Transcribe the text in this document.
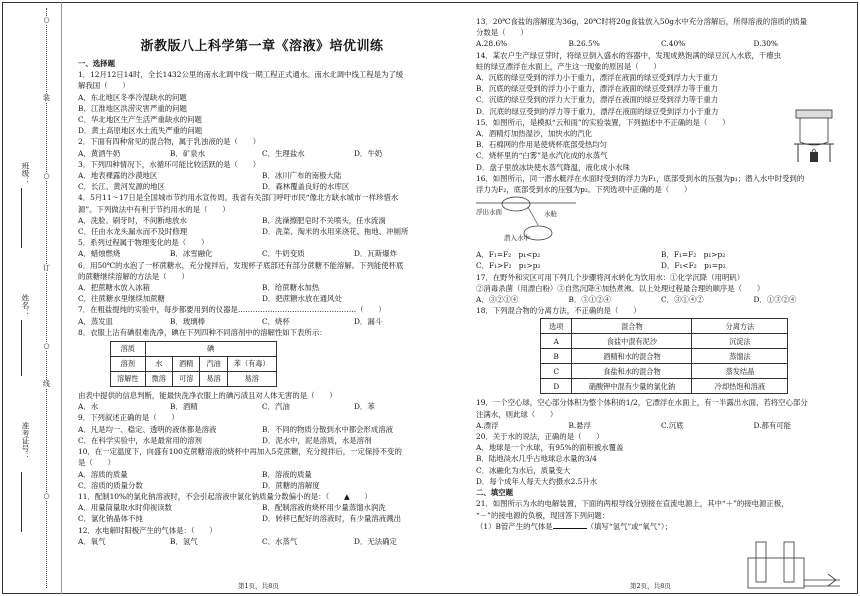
○
装
○
订
○
线
○
班级：
姓名：
准考证号：
浙教版八上科学第一章《溶液》培优训练

一、选择题

1．12月12日14时，全长1432公里的南水北调中线一期工程正式通水。南水北调中线工程是为了缓

解我国（　　）

A．东北地区冬季冷湿缺水的问题

B．江淮地区洪涝灾害严重的问题

C．华北地区生产生活严重缺水的问题

D．黄土高原地区水土流失严重的问题

2．下面有四种常见的混合物，属于乳浊液的是（　　）

A．黄酒牛奶	B．矿泉水	C．生理盐水	D．牛奶

3．下列四种情况下，水循环可能比较活跃的是（　　）

A．地表裸露的沙漠地区	B．冰川广布的南极大陆
C．长江、黄河发源的地区	D．森林覆盖良好的水库区

4．5月11～17日是全国城市节约用水宣传周。我省有关部门呼吁市民“像北方缺水城市一样珍惜水

源”。下列做法中有利于节约用水的是（　　）

A．洗脸、刷牙时，不间断地放水	B．洗澡擦肥皂时不关喷头，任水流淌
C．任由水龙头漏水而不及时修理	D．洗菜、淘米的水用来浇花、拖地、冲厕所

5．系列过程属于物理变化的是（　　）

A．蜡烛燃烧	B．冰雪融化	C．牛奶变质	D．瓦斯爆炸

6．用50℃的水泡了一杯蔗糖水，充分搅拌后，发现杯子底部还有部分蔗糖不能溶解。下列能使杯底

的蔗糖继续溶解的方法是（　　）

A．把蔗糖水放入冰箱	B．给蔗糖水加热
C．往蔗糖水里继续加蔗糖	D．把蔗糖水放在通风处

7．在粗盐提纯的实验中，每步都要用到的仪器是…………………………………………（　　）

A．蒸发皿	B．玻璃棒	C．烧杯	D．漏斗

8．衣服上沾有碘很难洗净，碘在下列四种不同溶剂中的溶解性如下表所示：

溶质	碘			
溶剂	水	酒精	汽油	苯（有毒）
溶解性	微溶	可溶	易溶	易溶

由表中提供的信息判断，能最快洗净衣服上的碘污渍且对人体无害的是（　　）

A．水	B．酒精	C．汽油	D．苯

9．下列叙述正确的是（　　）

A．凡是均一、稳定、透明的液体都是溶液	B．不同的物质分散到水中都会形成溶液
C．在科学实验中，水是最常用的溶剂	D．泥水中，泥是溶质，水是溶剂

10．在一定温度下，向盛有100克蔗糖溶液的烧杯中再加入5克蔗糖，充分搅拌后，一定保持不变的

是（　　）

A．溶质的质量	B．溶液的质量
C．溶质的质量分数	D．蔗糖的溶解度

11．配制10%的氯化钠溶液时，不会引起溶液中氯化钠质量分数偏小的是：（　　▲　　）

A．用量筒量取水时仰视读数	B．配制溶液的烧杯用少量蒸馏水润洗
C．氯化钠晶体不纯	D．转移已配好的溶液时，有少量溶液溅出

12．水电解时阳极产生的气体是：（　　）

A．氧气	B．氢气	C．水蒸气	D．无法确定
第1页，共8页

13．20℃食盐的溶解度为36g，20℃时将20g食盐放入50g水中充分溶解后，所得溶液的溶质的质量

分数是（　　）

A.28.6%	B.26.5%	C.40%	D.30%

14．某农户生产绿豆芽时，将绿豆倒入盛水的容器中，发现成熟饱满的绿豆沉入水底，干瘪虫

蛀的绿豆漂浮在水面上，产生这一现象的原因是（　　）

A．沉底的绿豆受到的浮力小于重力，漂浮在液面的绿豆受到浮力大于重力

B．沉底的绿豆受到的浮力小于重力，漂浮在液面的绿豆受到浮力等于重力

C．沉底的绿豆受到的浮力大于重力，漂浮在液面的绿豆受到浮力等于重力

D．沉底的绿豆受到的浮力等于重力，漂浮在液面的绿豆受到浮力小于重力

15．如图所示，是模拟“云和雨”的实验装置，下列描述中不正确的是（　　）

A．酒精灯加热湿沙，加快水的汽化

B．石棉网的作用是使烧杯底部受热均匀

C．烧杯里的“白雾”是水汽化成的水蒸气

D．盘子里放冰块使水蒸气降温，液化成小水珠

16．如图所示，同一潜水艇浮在水面时受到的浮力为F₁，底部受到水的压强为p₁；潜入水中时受到的

浮力为F₂，底部受到水的压强为p₂。下列选项中正确的是（　　）

浮出水面	水舱
潜入水中
A．F₁=F₂　p₁<p₂	B．F₁=F₂　p₁>p₂
C．F₁>F₂　p₁>p₂	D．F₁<F₂　p₁=p₂

17．在野外和灾区可用下列几个步骤将河水转化为饮用水：①化学沉降（用明矾）

②消毒杀菌（用漂白粉）③自然沉降④加热煮沸。以上处理过程最合理的顺序是（　　）

A．③②①④	B．③①②④	C．③①④②	D．①③②④

18．下列混合物的分离方法，不正确的是（　　）

选项	混合物	分离方法
A	食盐中混有泥沙	沉淀法
B	酒精和水的混合物	蒸馏法
C	食盐和水的混合物	蒸发结晶
D	硝酸钾中混有少量的氯化钠	冷却热饱和溶液

19．一个空心球，空心部分体积为整个体积的1/2，它漂浮在水面上，有一半露出水面，若将空心部分

注满水，则此球（　　）

A.漂浮	B.悬浮	C.沉底	D.都有可能

20．关于水的说法，正确的是（　　）

A．地球是一个水球，有95%的面积被水覆盖

B．陆地淡水几乎占地球总水量的3/4

C．冰融化为水后，质量变大

D．每个成年人每天大约摄水2.5升水

二、填空题

21．如图所示为水的电解装置，下面的两根导线分别接在直流电源上，其中“＋”的接电源正极，

“－”的接电源的负极，现回答下列问题：

（1）B管产生的气体是	（填写“氢气”或“氧气”）；

第2页，共8页
